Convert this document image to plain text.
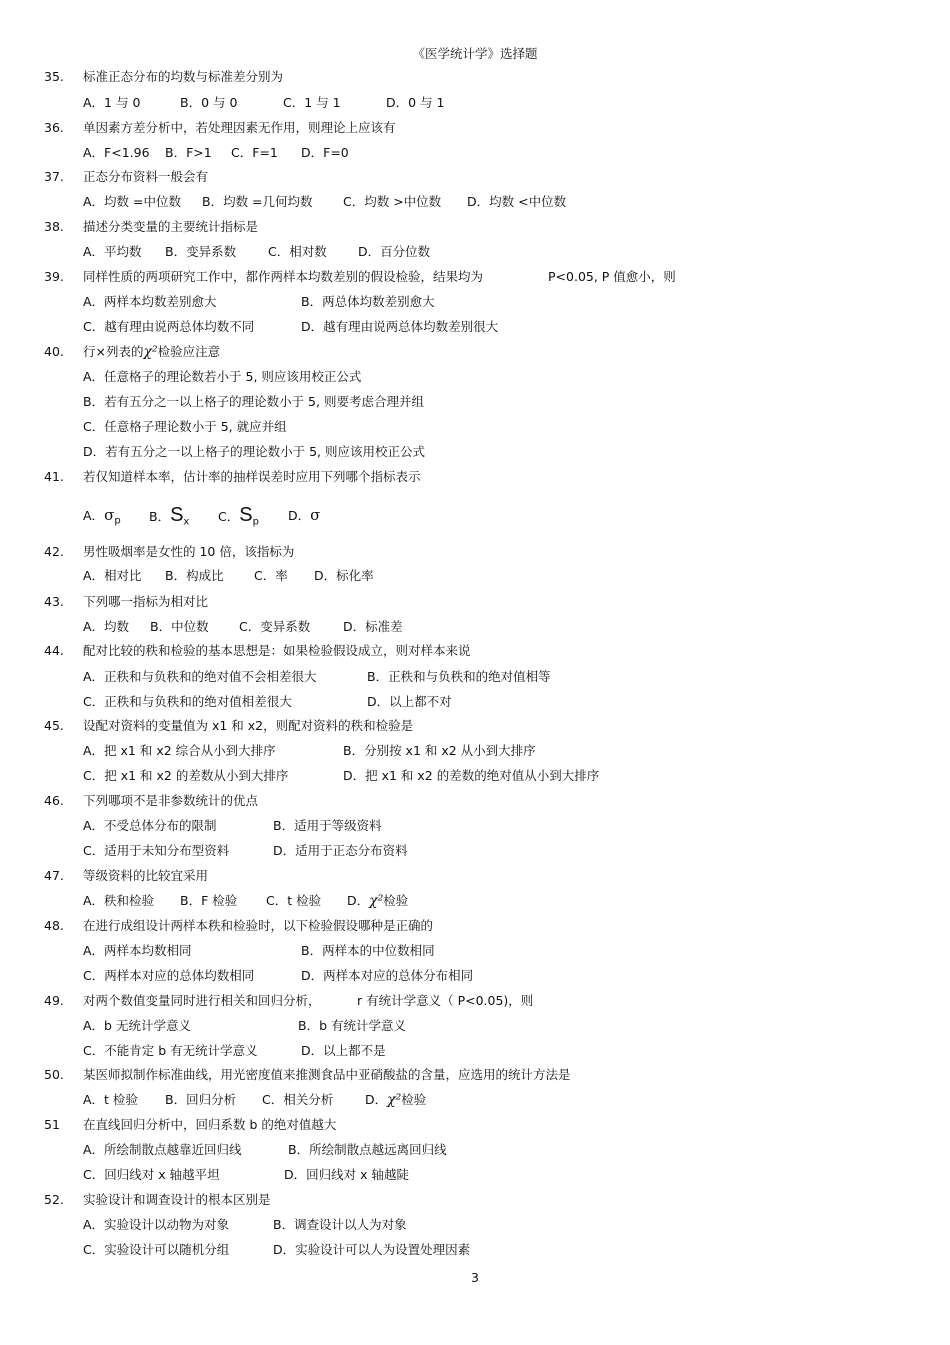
《医学统计学》选择题
35. 标准正态分布的均数与标准差分别为
A．1 与 0	B．0 与 0	C．1 与 1	D．0 与 1
36. 单因素方差分析中，若处理因素无作用，则理论上应该有
A．F<1.96 B．F>1 C．F=1 D．F=0
37. 正态分布资料一般会有
A．均数 =中位数 B．均数 =几何均数 C．均数 >中位数 D．均数 <中位数
38. 描述分类变量的主要统计指标是
A．平均数 B．变异系数	C．相对数	D．百分位数
39. 同样性质的两项研究工作中，都作两样本均数差别的假设检验，结果均为	P<0.05, P 值愈小，则
A．两样本均数差别愈大	B．两总体均数差别愈大
C．越有理由说两总体均数不同	D．越有理由说两总体均数差别很大
40. 行×列表的χ²检验应注意
A．任意格子的理论数若小于 5, 则应该用校正公式
B．若有五分之一以上格子的理论数小于 5, 则要考虑合理并组
C．任意格子理论数小于 5, 就应并组
D．若有五分之一以上格子的理论数小于 5, 则应该用校正公式
41. 若仅知道样本率，估计率的抽样误差时应用下列哪个指标表示
A．$\sigma_p$ B．$S_x$ C．$S_p$ D．σ
42. 男性吸烟率是女性的 10 倍，该指标为
A．相对比 B．构成比 C．率 D．标化率
43. 下列哪一指标为相对比
A．均数 B．中位数 C．变异系数	D．标准差
44. 配对比较的秩和检验的基本思想是：如果检验假设成立，则对样本来说
A．正秩和与负秩和的绝对值不会相差很大	B．正秩和与负秩和的绝对值相等
C．正秩和与负秩和的绝对值相差很大	D．以上都不对
45. 设配对资料的变量值为 x1 和 x2，则配对资料的秩和检验是
A．把 x1 和 x2 综合从小到大排序	B．分别按 x1 和 x2 从小到大排序
C．把 x1 和 x2 的差数从小到大排序	D．把 x1 和 x2 的差数的绝对值从小到大排序
46. 下列哪项不是非参数统计的优点
A．不受总体分布的限制	B．适用于等级资料
C．适用于未知分布型资料	D．适用于正态分布资料
47. 等级资料的比较宜采用
A．秩和检验 B．F 检验 C．t 检验 D．χ²检验
48. 在进行成组设计两样本秩和检验时，以下检验假设哪种是正确的
A．两样本均数相同	B．两样本的中位数相同
C．两样本对应的总体均数相同	D．两样本对应的总体分布相同
49. 对两个数值变量同时进行相关和回归分析，	r 有统计学意义（ P<0.05)，则
A．b 无统计学意义	B．b 有统计学意义
C．不能肯定 b 有无统计学意义	D．以上都不是
50. 某医师拟制作标准曲线，用光密度值来推测食品中亚硝酸盐的含量，应选用的统计方法是
A．t 检验 B．回归分析 C．相关分析	D．χ²检验
51 在直线回归分析中，回归系数 b 的绝对值越大
A．所绘制散点越靠近回归线	B．所绘制散点越远离回归线
C．回归线对 x 轴越平坦	D．回归线对 x 轴越陡
52. 实验设计和调查设计的根本区别是
A．实验设计以动物为对象	B．调查设计以人为对象
C．实验设计可以随机分组	D．实验设计可以人为设置处理因素
3
